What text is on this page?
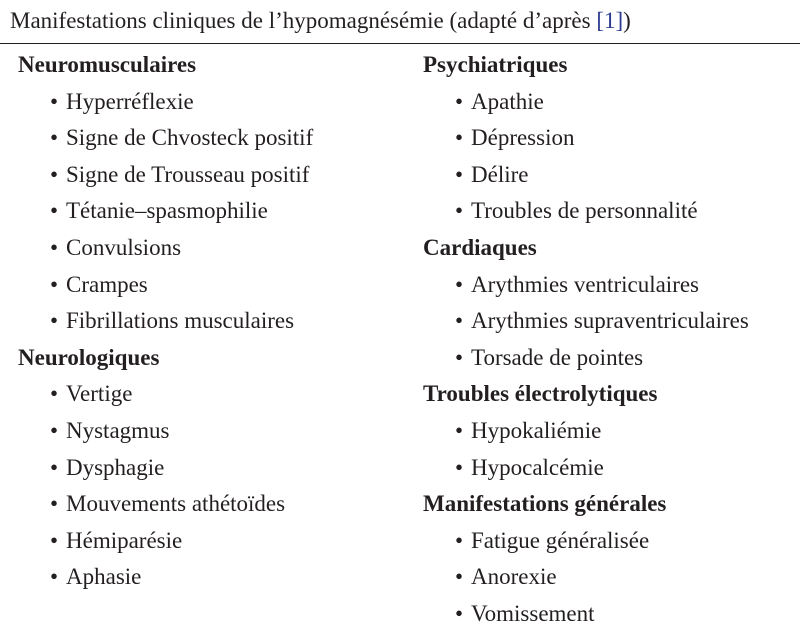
Manifestations cliniques de l’hypomagnésémie (adapté d’après [1])
Neuromusculaires
• Hyperréflexie
• Signe de Chvosteck positif
• Signe de Trousseau positif
• Tétanie–spasmophilie
• Convulsions
• Crampes
• Fibrillations musculaires
Neurologiques
• Vertige
• Nystagmus
• Dysphagie
• Mouvements athétoïdes
• Hémiparésie
• Aphasie
Psychiatriques
• Apathie
• Dépression
• Délire
• Troubles de personnalité
Cardiaques
• Arythmies ventriculaires
• Arythmies supraventriculaires
• Torsade de pointes
Troubles électrolytiques
• Hypokaliémie
• Hypocalcémie
Manifestations générales
• Fatigue généralisée
• Anorexie
• Vomissement
